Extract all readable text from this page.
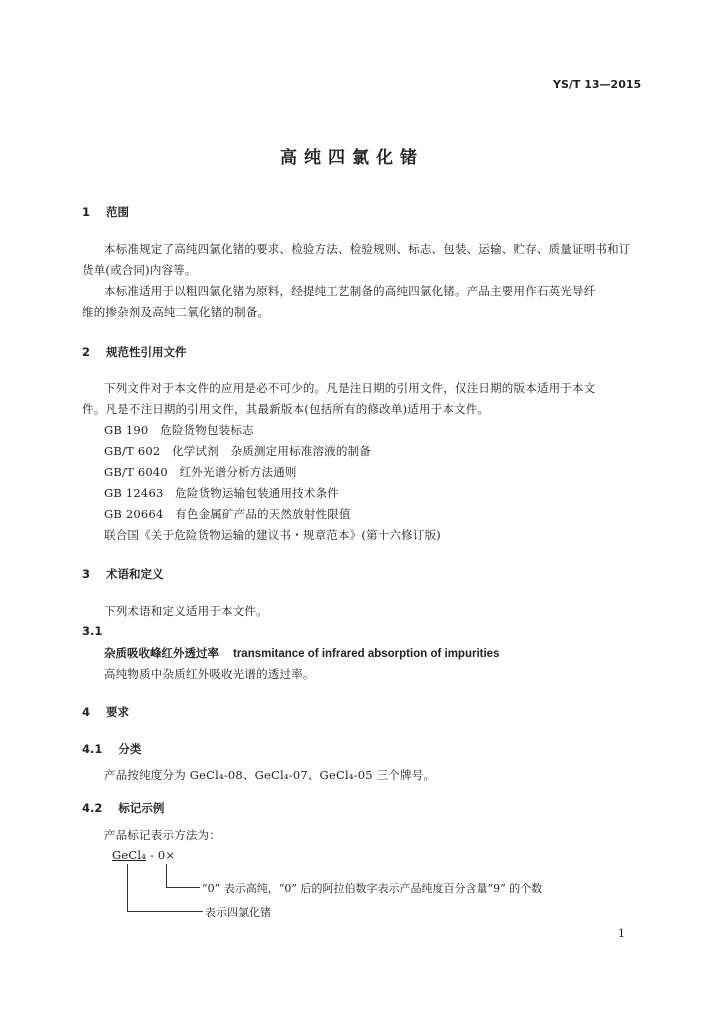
YS/T 13—2015
高纯四氯化锗
1 范围
本标准规定了高纯四氯化锗的要求、检验方法、检验规则、标志、包装、运输、贮存、质量证明书和订
货单(或合同)内容等。
本标准适用于以粗四氯化锗为原料，经提纯工艺制备的高纯四氯化锗。产品主要用作石英光导纤
维的掺杂剂及高纯二氧化锗的制备。
2 规范性引用文件
下列文件对于本文件的应用是必不可少的。凡是注日期的引用文件，仅注日期的版本适用于本文
件。凡是不注日期的引用文件，其最新版本(包括所有的修改单)适用于本文件。
GB 190　危险货物包装标志
GB/T 602　化学试剂　杂质测定用标准溶液的制备
GB/T 6040　红外光谱分析方法通则
GB 12463　危险货物运输包装通用技术条件
GB 20664　有色金属矿产品的天然放射性限值
联合国《关于危险货物运输的建议书・规章范本》(第十六修订版)
3 术语和定义
下列术语和定义适用于本文件。
3.1
杂质吸收峰红外透过率 transmitance of infrared absorption of impurities
高纯物质中杂质红外吸收光谱的透过率。
4 要求
4.1 分类
产品按纯度分为 GeCl₄-08、GeCl₄-07、GeCl₄-05 三个牌号。
4.2 标记示例
产品标记表示方法为：
GeCl₄ - 0×
“0” 表示高纯，“0” 后的阿拉伯数字表示产品纯度百分含量“9” 的个数
表示四氯化锗
1
